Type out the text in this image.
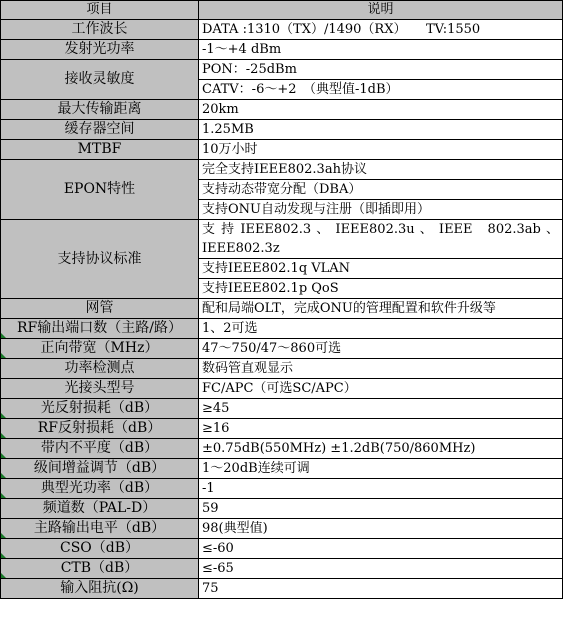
项目	说明
工作波长	DATA :1310（TX）/1490（RX）　　TV:1550
发射光功率	-1～+4 dBm
接收灵敏度	PON：-25dBm
	CATV：-6～+2　（典型值-1dB）
最大传输距离	20km
缓存器空间	1.25MB
MTBF	10万小时
EPON特性	完全支持IEEE802.3ah协议
	支持动态带宽分配（DBA）
	支持ONU自动发现与注册（即插即用）
支持协议标准	支 持 IEEE802.3 、 IEEE802.3u 、 IEEE　802.3ab 、IEEE802.3z
	支持IEEE802.1q VLAN
	支持IEEE802.1p QoS
网管	配和局端OLT，完成ONU的管理配置和软件升级等
RF输出端口数（主路/路）	1、2可选
正向带宽（MHz）	47～750/47～860可选
功率检测点	数码管直观显示
光接头型号	FC/APC（可选SC/APC）
光反射损耗（dB）	≥45
RF反射损耗（dB）	≥16
带内不平度（dB）	±0.75dB(550MHz) ±1.2dB(750/860MHz)
级间增益调节（dB）	1～20dB连续可调
典型光功率（dB）	-1
频道数（PAL-D）	59
主路输出电平（dB）	98(典型值)
CSO（dB）	≤-60
CTB（dB）	≤-65
输入阻抗(Ω)	75
